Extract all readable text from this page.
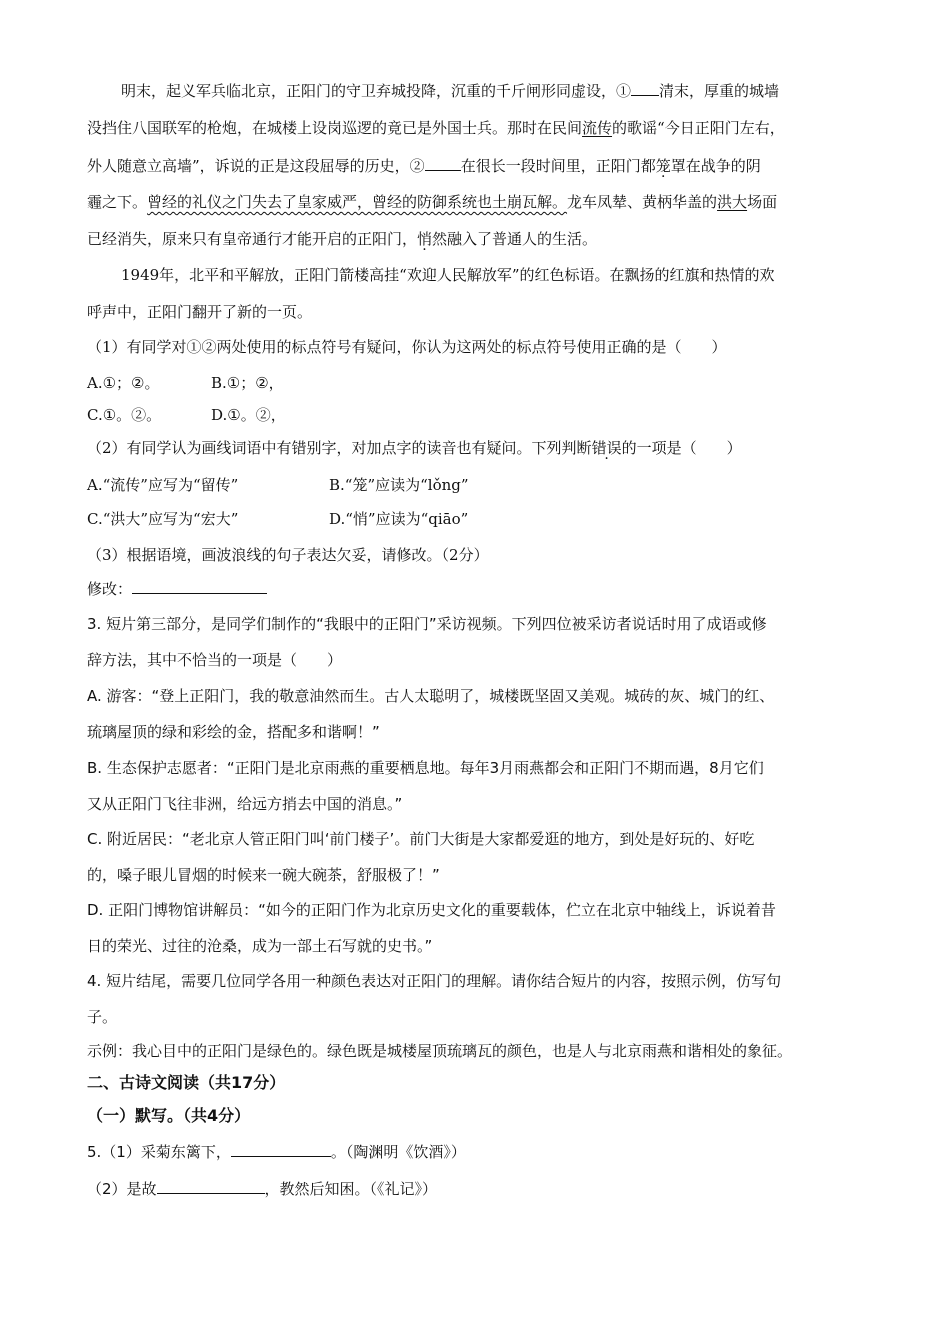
明末，起义军兵临北京，正阳门的守卫弃城投降，沉重的千斤闸形同虚设，① 清末，厚重的城墙
没挡住八国联军的枪炮，在城楼上设岗巡逻的竟已是外国士兵。那时在民间流传的歌谣“今日正阳门左右，
外人随意立高墙”，诉说的正是这段屈辱的历史，② 在很长一段时间里，正阳门都笼罩在战争的阴
霾之下。曾经的礼仪之门失去了皇家威严，曾经的防御系统也土崩瓦解。龙车凤辇、黄柄华盖的洪大场面
已经消失，原来只有皇帝通行才能开启的正阳门，悄然融入了普通人的生活。
1949年，北平和平解放，正阳门箭楼高挂“欢迎人民解放军”的红色标语。在飘扬的红旗和热情的欢
呼声中，正阳门翻开了新的一页。
（1）有同学对①②两处使用的标点符号有疑问，你认为这两处的标点符号使用正确的是（　　）
A.①；②。	B.①；②，
C.①。②。	D.①。②，
（2）有同学认为画线词语中有错别字，对加点字的读音也有疑问。下列判断错误的一项是（　　）
A.“流传”应写为“留传”	B.“笼”应读为“lǒng”
C.“洪大”应写为“宏大”	D.“悄”应读为“qiāo”
（3）根据语境，画波浪线的句子表达欠妥，请修改。（2分）
修改：
3. 短片第三部分，是同学们制作的“我眼中的正阳门”采访视频。下列四位被采访者说话时用了成语或修
辞方法，其中不恰当的一项是（　　）
A. 游客：“登上正阳门，我的敬意油然而生。古人太聪明了，城楼既坚固又美观。城砖的灰、城门的红、
琉璃屋顶的绿和彩绘的金，搭配多和谐啊！”
B. 生态保护志愿者：“正阳门是北京雨燕的重要栖息地。每年3月雨燕都会和正阳门不期而遇，8月它们
又从正阳门飞往非洲，给远方捎去中国的消息。”
C. 附近居民：“老北京人管正阳门叫‘前门楼子’。前门大街是大家都爱逛的地方，到处是好玩的、好吃
的，嗓子眼儿冒烟的时候来一碗大碗茶，舒服极了！”
D. 正阳门博物馆讲解员：“如今的正阳门作为北京历史文化的重要载体，伫立在北京中轴线上，诉说着昔
日的荣光、过往的沧桑，成为一部土石写就的史书。”
4. 短片结尾，需要几位同学各用一种颜色表达对正阳门的理解。请你结合短片的内容，按照示例，仿写句
子。
示例：我心目中的正阳门是绿色的。绿色既是城楼屋顶琉璃瓦的颜色，也是人与北京雨燕和谐相处的象征。
二、古诗文阅读（共17分）
（一）默写。（共4分）
5.（1）采菊东篱下，	。（陶渊明《饮酒》）
（2）是故	，教然后知困。（《礼记》）
